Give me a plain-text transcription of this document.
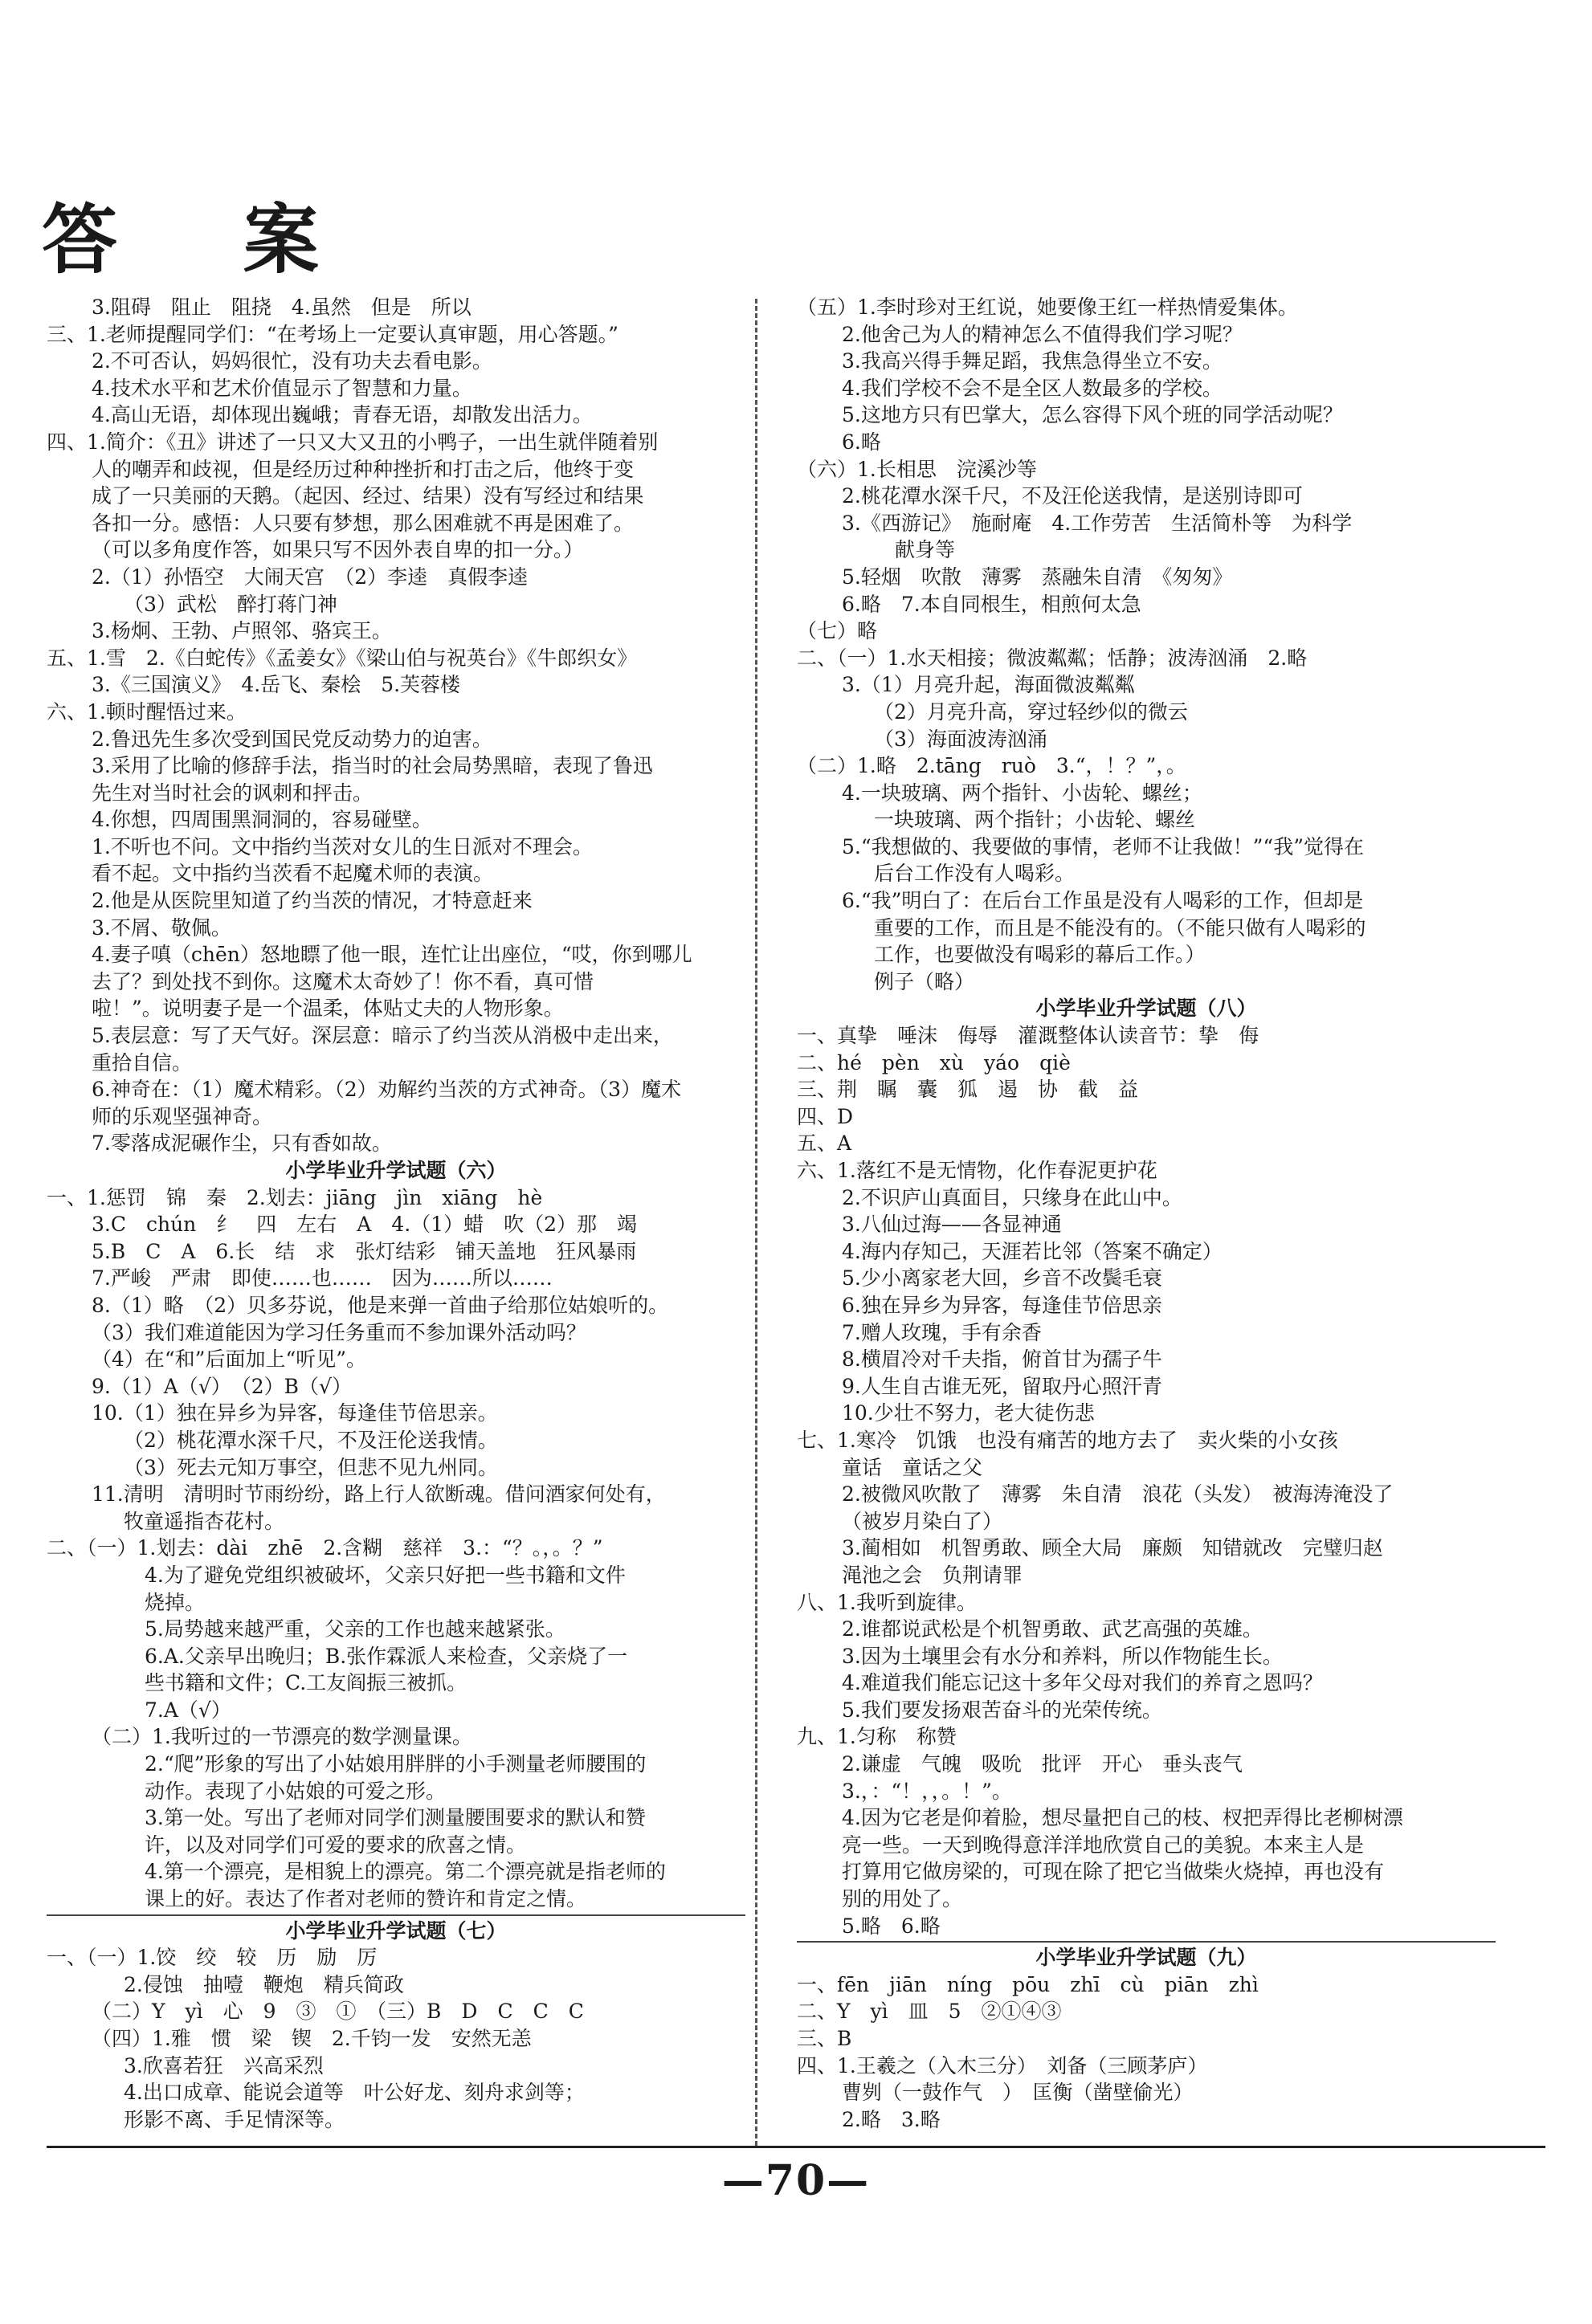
答 案
3.阻碍　阻止　阻挠　4.虽然　但是　所以
三、1.老师提醒同学们：“在考场上一定要认真审题，用心答题。”
2.不可否认，妈妈很忙，没有功夫去看电影。
4.技术水平和艺术价值显示了智慧和力量。
4.高山无语，却体现出巍峨；青春无语，却散发出活力。
四、1.简介：《丑》讲述了一只又大又丑的小鸭子，一出生就伴随着别
人的嘲弄和歧视，但是经历过种种挫折和打击之后，他终于变
成了一只美丽的天鹅。（起因、经过、结果）没有写经过和结果
各扣一分。感悟：人只要有梦想，那么困难就不再是困难了。
（可以多角度作答，如果只写不因外表自卑的扣一分。）
2.（1）孙悟空　大闹天宫　（2）李逵　真假李逵
（3）武松　醉打蒋门神
3.杨炯、王勃、卢照邻、骆宾王。
五、1.雪　2.《白蛇传》《孟姜女》《梁山伯与祝英台》《牛郎织女》
3.《三国演义》　4.岳飞、秦桧　5.芙蓉楼
六、1.顿时醒悟过来。
2.鲁迅先生多次受到国民党反动势力的迫害。
3.采用了比喻的修辞手法，指当时的社会局势黑暗，表现了鲁迅
先生对当时社会的讽刺和抨击。
4.你想，四周围黑洞洞的，容易碰壁。
1.不听也不问。文中指约当茨对女儿的生日派对不理会。
看不起。文中指约当茨看不起魔术师的表演。
2.他是从医院里知道了约当茨的情况，才特意赶来
3.不屑、敬佩。
4.妻子嗔（chēn）怒地瞟了他一眼，连忙让出座位，“哎，你到哪儿
去了？到处找不到你。这魔术太奇妙了！你不看，真可惜
啦！”。说明妻子是一个温柔，体贴丈夫的人物形象。
5.表层意：写了天气好。深层意：暗示了约当茨从消极中走出来，
重拾自信。
6.神奇在：（1）魔术精彩。（2）劝解约当茨的方式神奇。（3）魔术
师的乐观坚强神奇。
7.零落成泥碾作尘，只有香如故。
小学毕业升学试题（六）
一、1.惩罚　锦　秦　2.划去：jiāng　jìn　xiāng　hè
3.C　chún　纟　四　左右　A　4.（1）蜡　吹（2）那　竭
5.B　C　A　6.长　结　求　张灯结彩　铺天盖地　狂风暴雨
7.严峻　严肃　即使……也……　因为……所以……
8.（1）略　（2）贝多芬说，他是来弹一首曲子给那位姑娘听的。
（3）我们难道能因为学习任务重而不参加课外活动吗？
（4）在“和”后面加上“听见”。
9.（1）A（√）　（2）B（√）
10.（1）独在异乡为异客，每逢佳节倍思亲。
（2）桃花潭水深千尺，不及汪伦送我情。
（3）死去元知万事空，但悲不见九州同。
11.清明　清明时节雨纷纷，路上行人欲断魂。借问酒家何处有，
牧童遥指杏花村。
二、（一）1.划去：dài　zhē　2.含糊　慈祥　3.：“？。，。？”
4.为了避免党组织被破坏，父亲只好把一些书籍和文件
烧掉。
5.局势越来越严重，父亲的工作也越来越紧张。
6.A.父亲早出晚归；B.张作霖派人来检查，父亲烧了一
些书籍和文件；C.工友阎振三被抓。
7.A（√）
（二）1.我听过的一节漂亮的数学测量课。
2.“爬”形象的写出了小姑娘用胖胖的小手测量老师腰围的
动作。表现了小姑娘的可爱之形。
3.第一处。写出了老师对同学们测量腰围要求的默认和赞
许，以及对同学们可爱的要求的欣喜之情。
4.第一个漂亮，是相貌上的漂亮。第二个漂亮就是指老师的
课上的好。表达了作者对老师的赞许和肯定之情。
小学毕业升学试题（七）
一、（一）1.饺　绞　较　历　励　厉
2.侵蚀　抽噎　鞭炮　精兵简政
（二）Y　yì　心　9　③　①　（三）B　D　C　C　C
（四）1.雅　惯　梁　锲　2.千钧一发　安然无恙
3.欣喜若狂　兴高采烈
4.出口成章、能说会道等　叶公好龙、刻舟求剑等；
形影不离、手足情深等。
（五）1.李时珍对王红说，她要像王红一样热情爱集体。
2.他舍己为人的精神怎么不值得我们学习呢？
3.我高兴得手舞足蹈，我焦急得坐立不安。
4.我们学校不会不是全区人数最多的学校。
5.这地方只有巴掌大，怎么容得下风个班的同学活动呢？
6.略
（六）1.长相思　浣溪沙等
2.桃花潭水深千尺，不及汪伦送我情，是送别诗即可
3.《西游记》　施耐庵　4.工作劳苦　生活简朴等　为科学
献身等
5.轻烟　吹散　薄雾　蒸融朱自清　《匆匆》
6.略　7.本自同根生，相煎何太急
（七）略
二、（一）1.水天相接；微波粼粼；恬静；波涛汹涌　2.略
3.（1）月亮升起，海面微波粼粼
（2）月亮升高，穿过轻纱似的微云
（3）海面波涛汹涌
（二）1.略　2.tāng　ruò　3.“，！？”，。
4.一块玻璃、两个指针、小齿轮、螺丝；
一块玻璃、两个指针；小齿轮、螺丝
5.“我想做的、我要做的事情，老师不让我做！”“我”觉得在
后台工作没有人喝彩。
6.“我”明白了：在后台工作虽是没有人喝彩的工作，但却是
重要的工作，而且是不能没有的。（不能只做有人喝彩的
工作，也要做没有喝彩的幕后工作。）
例子（略）
小学毕业升学试题（八）
一、真挚　唾沫　侮辱　灌溉整体认读音节：挚　侮
二、hé　pèn　xù　yáo　qiè
三、荆　瞩　囊　狐　遏　协　截　益
四、D
五、A
六、1.落红不是无情物，化作春泥更护花
2.不识庐山真面目，只缘身在此山中。
3.八仙过海——各显神通
4.海内存知己，天涯若比邻（答案不确定）
5.少小离家老大回，乡音不改鬓毛衰
6.独在异乡为异客，每逢佳节倍思亲
7.赠人玫瑰，手有余香
8.横眉冷对千夫指，俯首甘为孺子牛
9.人生自古谁无死，留取丹心照汗青
10.少壮不努力，老大徒伤悲
七、1.寒冷　饥饿　也没有痛苦的地方去了　卖火柴的小女孩
童话　童话之父
2.被微风吹散了　薄雾　朱自清　浪花（头发）　被海涛淹没了
（被岁月染白了）
3.蔺相如　机智勇敢、顾全大局　廉颇　知错就改　完璧归赵
渑池之会　负荆请罪
八、1.我听到旋律。
2.谁都说武松是个机智勇敢、武艺高强的英雄。
3.因为土壤里会有水分和养料，所以作物能生长。
4.难道我们能忘记这十多年父母对我们的养育之恩吗？
5.我们要发扬艰苦奋斗的光荣传统。
九、1.匀称　称赞
2.谦虚　气魄　吸吮　批评　开心　垂头丧气
3.，：“！，，。！”。
4.因为它老是仰着脸，想尽量把自己的枝、杈把弄得比老柳树漂
亮一些。一天到晚得意洋洋地欣赏自己的美貌。本来主人是
打算用它做房梁的，可现在除了把它当做柴火烧掉，再也没有
别的用处了。
5.略　6.略
小学毕业升学试题（九）
一、fēn　jiān　níng　pōu　zhī　cù　piān　zhì
二、Y　yì　皿　5　②①④③
三、B
四、1.王羲之（入木三分）　刘备（三顾茅庐）
曹刿（一鼓作气　）　匡衡（凿壁偷光）
2.略　3.略
—70—
